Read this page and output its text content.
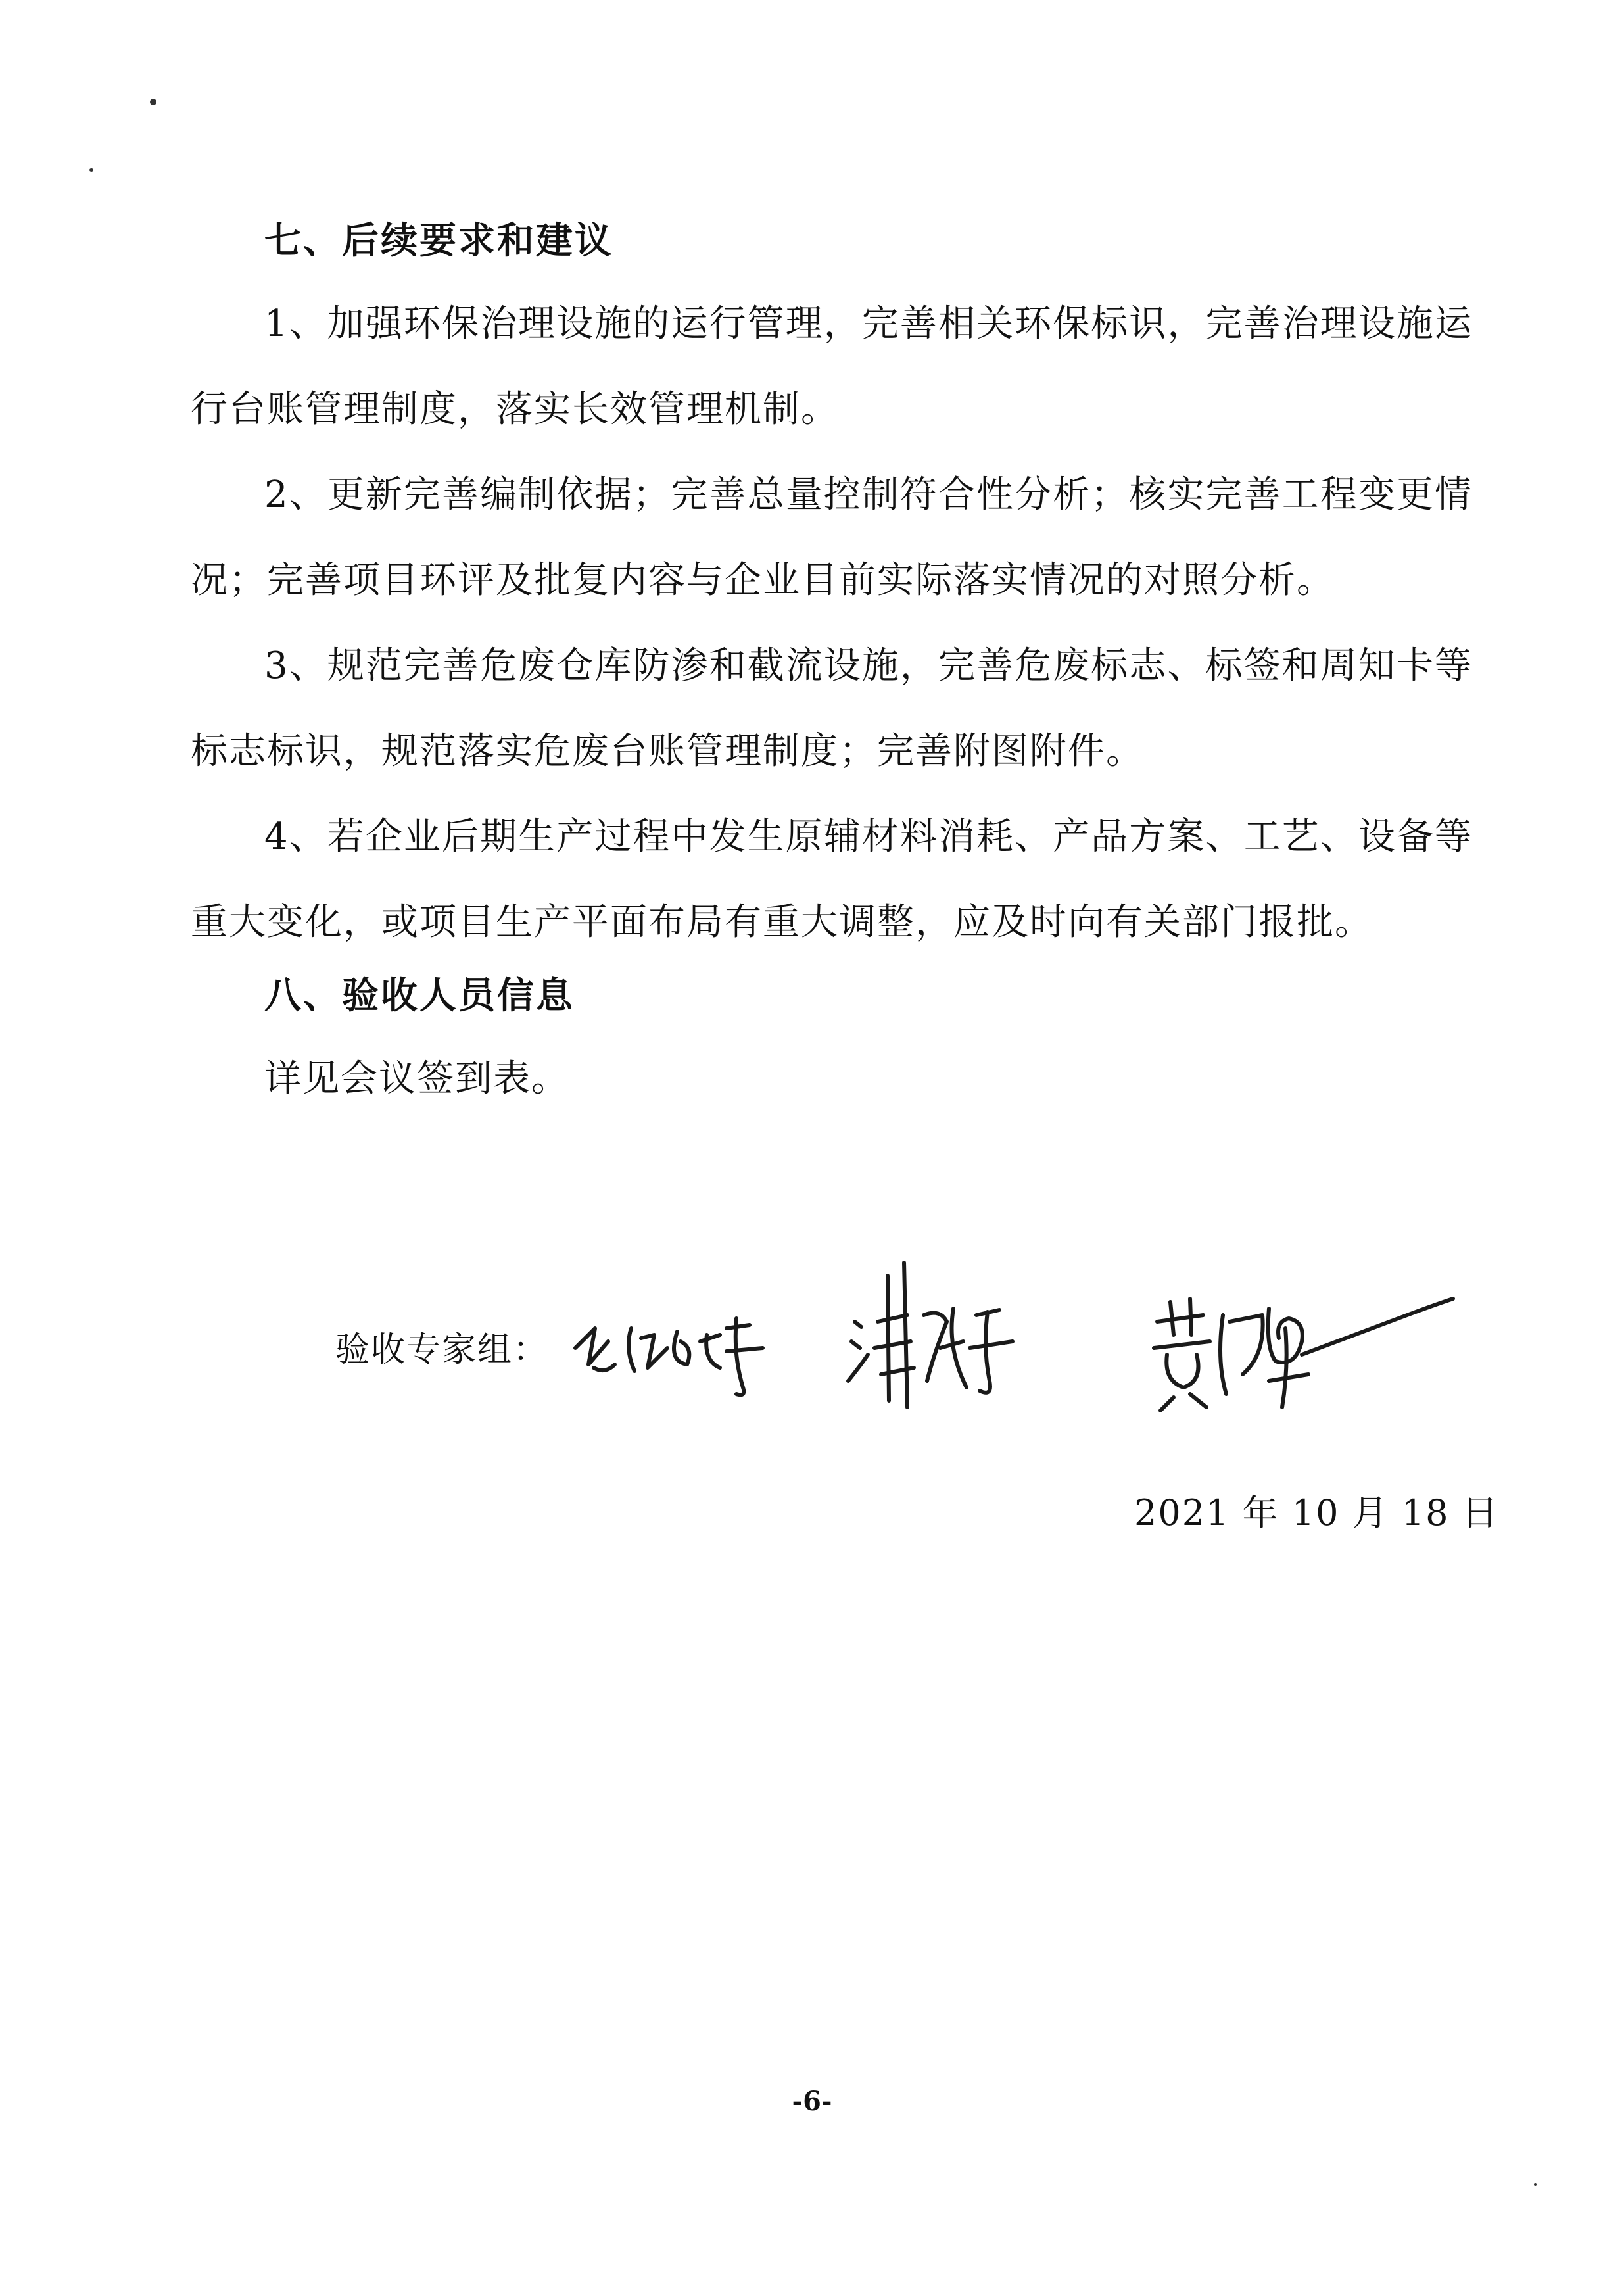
七、后续要求和建议
1、加强环保治理设施的运行管理，完善相关环保标识，完善治理设施运行台账管理制度，落实长效管理机制。
2、更新完善编制依据；完善总量控制符合性分析；核实完善工程变更情况；完善项目环评及批复内容与企业目前实际落实情况的对照分析。
3、规范完善危废仓库防渗和截流设施，完善危废标志、标签和周知卡等标志标识，规范落实危废台账管理制度；完善附图附件。
4、若企业后期生产过程中发生原辅材料消耗、产品方案、工艺、设备等重大变化，或项目生产平面布局有重大调整，应及时向有关部门报批。
八、验收人员信息
详见会议签到表。
验收专家组：
2021 年 10 月 18 日
-6-
